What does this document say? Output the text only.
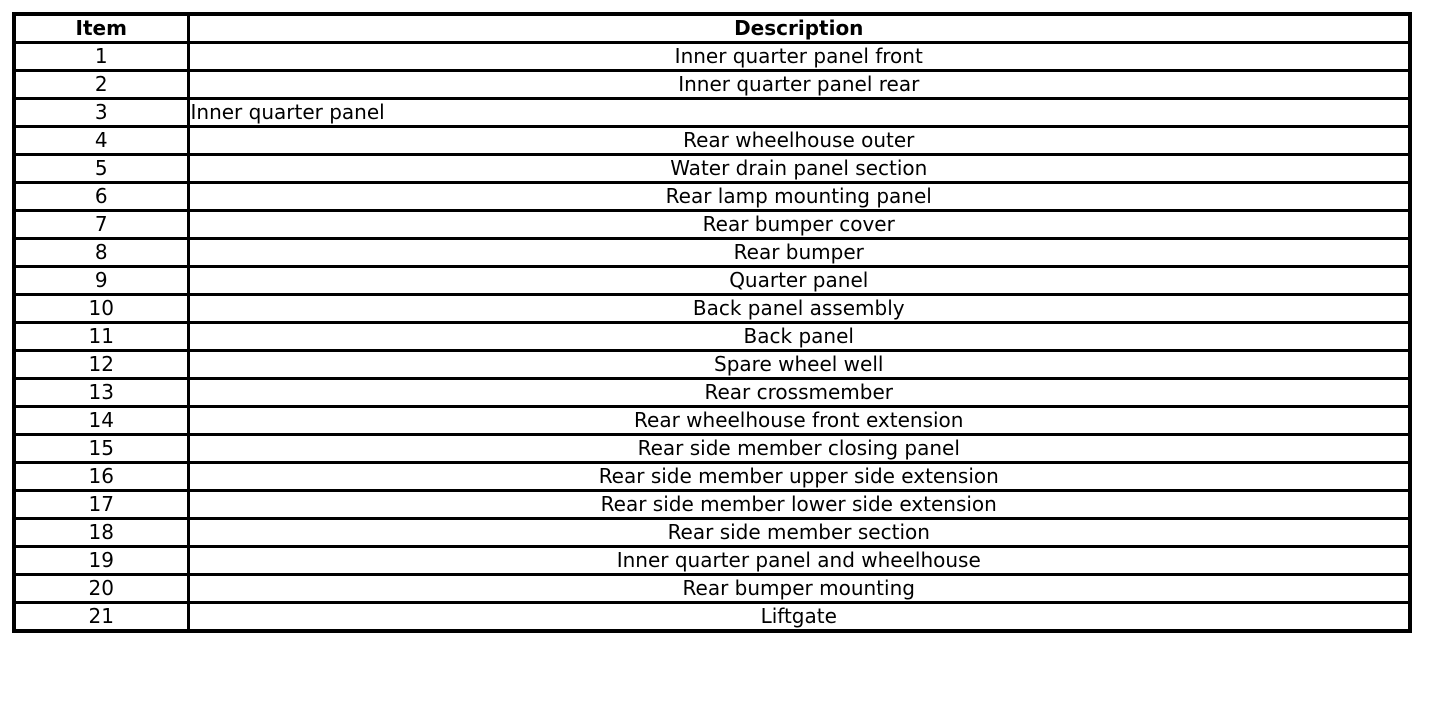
Item	Description
1	Inner quarter panel front
2	Inner quarter panel rear
3	Inner quarter panel
4	Rear wheelhouse outer
5	Water drain panel section
6	Rear lamp mounting panel
7	Rear bumper cover
8	Rear bumper
9	Quarter panel
10	Back panel assembly
11	Back panel
12	Spare wheel well
13	Rear crossmember
14	Rear wheelhouse front extension
15	Rear side member closing panel
16	Rear side member upper side extension
17	Rear side member lower side extension
18	Rear side member section
19	Inner quarter panel and wheelhouse
20	Rear bumper mounting
21	Liftgate
